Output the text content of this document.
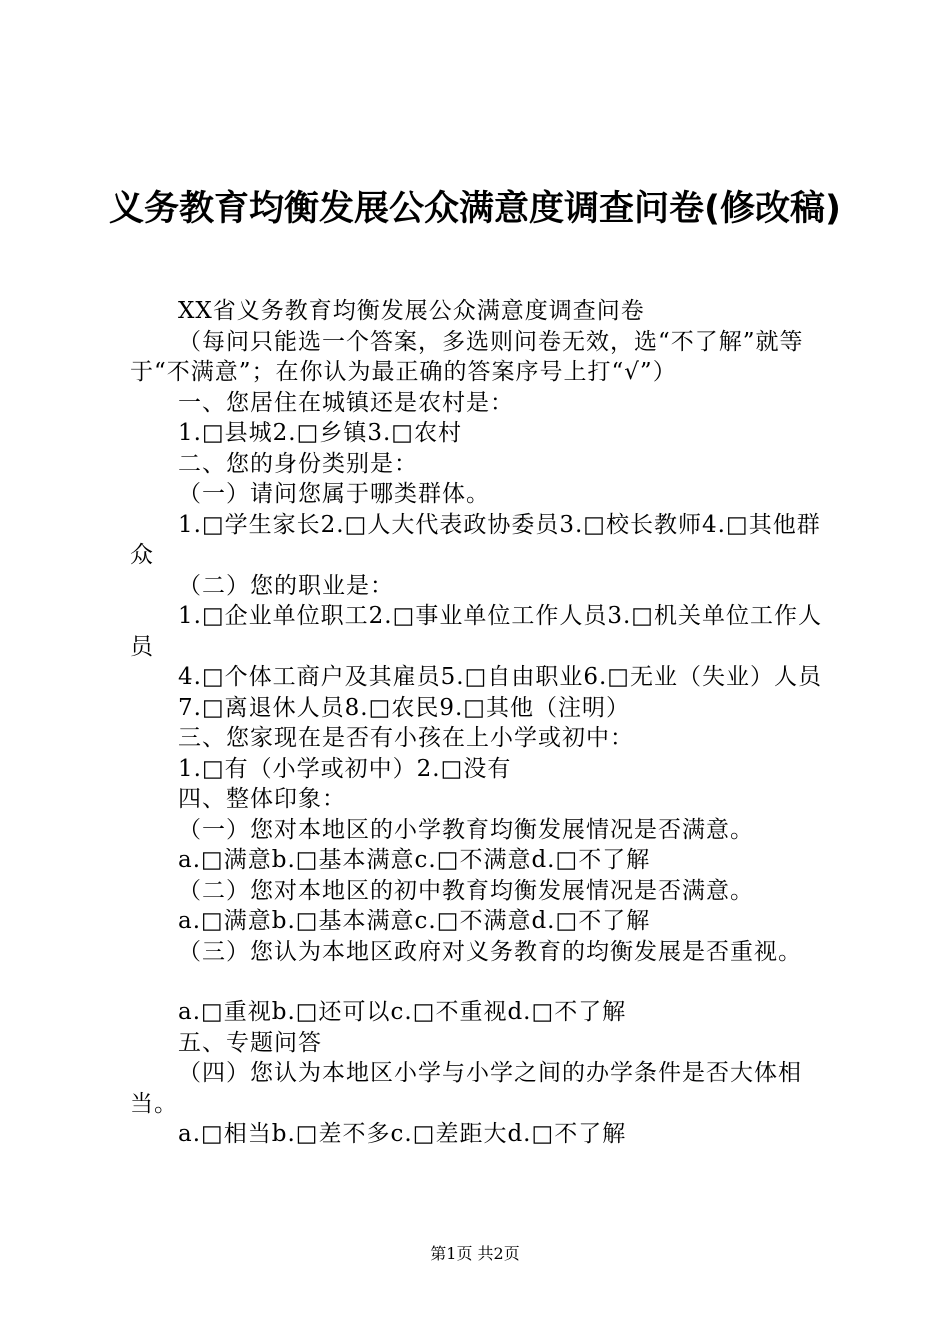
义务教育均衡发展公众满意度调查问卷(修改稿)

XX省义务教育均衡发展公众满意度调查问卷

（每问只能选一个答案，多选则问卷无效，选“不了解”就等于“不满意”；在你认为最正确的答案序号上打“√”）

一、您居住在城镇还是农村是：

1.□县城2.□乡镇3.□农村

二、您的身份类别是：

（一）请问您属于哪类群体。

1.□学生家长2.□人大代表政协委员3.□校长教师4.□其他群众

（二）您的职业是：

1.□企业单位职工2.□事业单位工作人员3.□机关单位工作人员

4.□个体工商户及其雇员5.□自由职业6.□无业（失业）人员

7.□离退休人员8.□农民9.□其他（注明）

三、您家现在是否有小孩在上小学或初中：

1.□有（小学或初中）2.□没有

四、整体印象：

（一）您对本地区的小学教育均衡发展情况是否满意。

a.□满意b.□基本满意c.□不满意d.□不了解

（二）您对本地区的初中教育均衡发展情况是否满意。

a.□满意b.□基本满意c.□不满意d.□不了解

（三）您认为本地区政府对义务教育的均衡发展是否重视。

a.□重视b.□还可以c.□不重视d.□不了解

五、专题问答

（四）您认为本地区小学与小学之间的办学条件是否大体相当。

a.□相当b.□差不多c.□差距大d.□不了解

第1页 共2页
